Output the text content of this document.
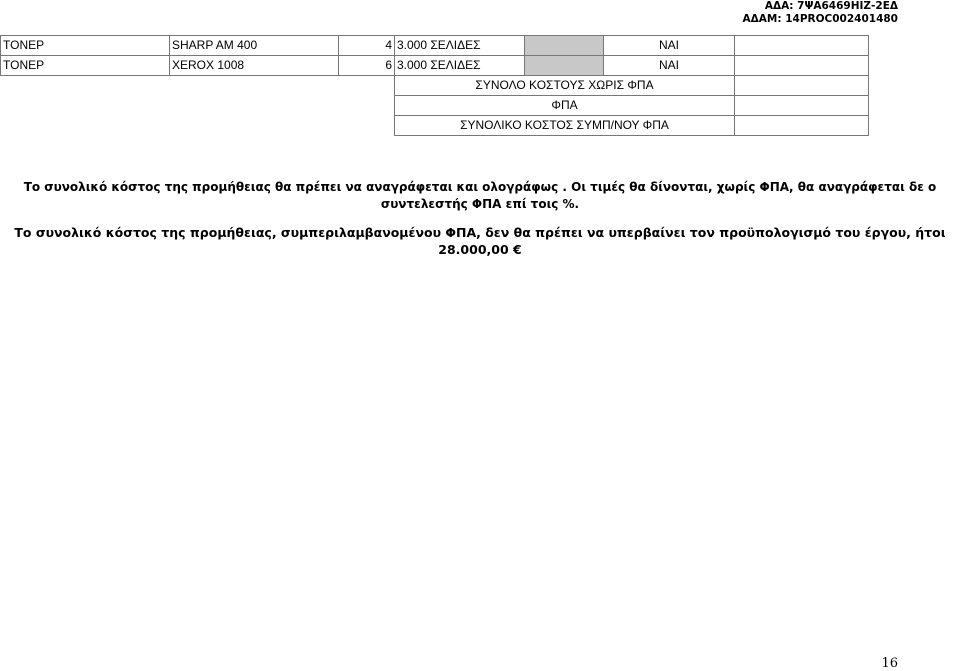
ΑΔΑ: 7ΨΑ6469ΗΙΖ-2ΕΔ
ΑΔΑΜ: 14PROC002401480
ΤΟΝΕΡ	SHARP AM 400	4	3.000 ΣΕΛΙΔΕΣ		ΝΑΙ	
ΤΟΝΕΡ	XEROX 1008	6	3.000 ΣΕΛΙΔΕΣ		ΝΑΙ	
			ΣΥΝΟΛΟ ΚΟΣΤΟΥΣ ΧΩΡΙΣ ΦΠΑ			
			ΦΠΑ			
			ΣΥΝΟΛΙΚΟ ΚΟΣΤΟΣ ΣΥΜΠ/ΝΟΥ ΦΠΑ			
Το συνολικό κόστος της προμήθειας θα πρέπει να αναγράφεται και ολογράφως . Οι τιμές θα δίνονται, χωρίς ΦΠΑ, θα αναγράφεται δε ο συντελεστής ΦΠΑ επί τοις %.
Το συνολικό κόστος της προμήθειας, συμπεριλαμβανομένου ΦΠΑ, δεν θα πρέπει να υπερβαίνει τον προϋπολογισμό του έργου, ήτοι
28.000,00 €
16
